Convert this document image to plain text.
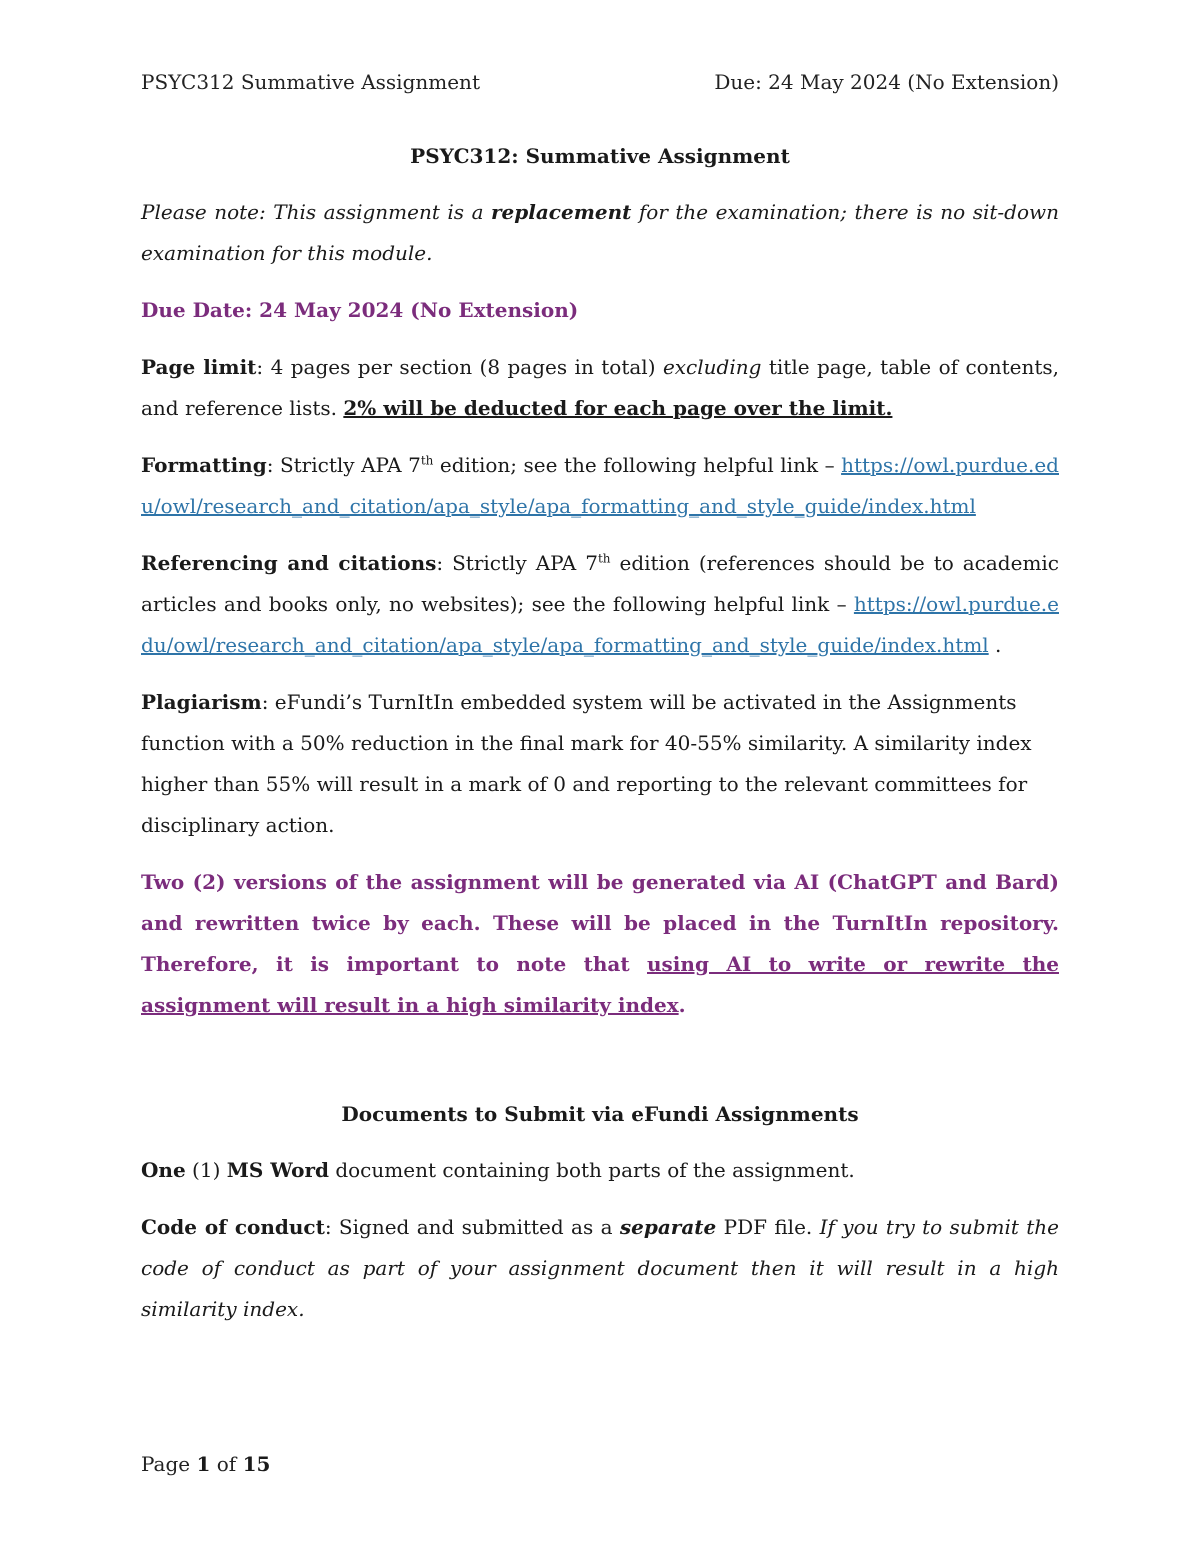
PSYC312 Summative Assignment	Due: 24 May 2024 (No Extension)

PSYC312: Summative Assignment

Please note: This assignment is a replacement for the examination; there is no sit-down examination for this module.

Due Date: 24 May 2024 (No Extension)

Page limit: 4 pages per section (8 pages in total) excluding title page, table of contents, and reference lists. 2% will be deducted for each page over the limit.

Formatting: Strictly APA 7th edition; see the following helpful link – https://owl.purdue.edu/owl/research_and_citation/apa_style/apa_formatting_and_style_guide/index.html

Referencing and citations: Strictly APA 7th edition (references should be to academic articles and books only, no websites); see the following helpful link – https://owl.purdue.edu/owl/research_and_citation/apa_style/apa_formatting_and_style_guide/index.html .

Plagiarism: eFundi’s TurnItIn embedded system will be activated in the Assignments function with a 50% reduction in the final mark for 40-55% similarity. A similarity index higher than 55% will result in a mark of 0 and reporting to the relevant committees for disciplinary action.

Two (2) versions of the assignment will be generated via AI (ChatGPT and Bard) and rewritten twice by each. These will be placed in the TurnItIn repository. Therefore, it is important to note that using AI to write or rewrite the assignment will result in a high similarity index.

Documents to Submit via eFundi Assignments

One (1) MS Word document containing both parts of the assignment.

Code of conduct: Signed and submitted as a separate PDF file. If you try to submit the code of conduct as part of your assignment document then it will result in a high similarity index.

Page 1 of 15
